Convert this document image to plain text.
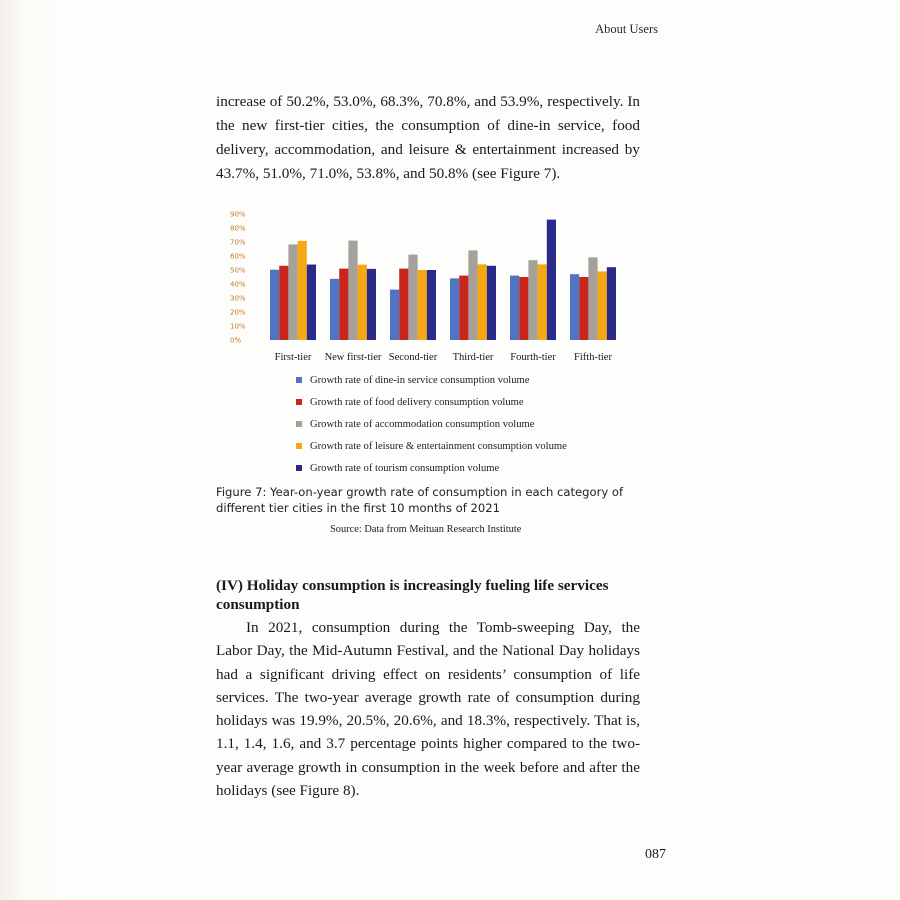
About Users

increase of 50.2%, 53.0%, 68.3%, 70.8%, and 53.9%, respectively. In the new first-tier cities, the consumption of dine-in service, food delivery, accommodation, and leisure & entertainment increased by 43.7%, 51.0%, 71.0%, 53.8%, and 50.8% (see Figure 7).

0%
10%
20%
30%
40%
50%
60%
70%
80%
90%
First-tier New first-tier Second-tier Third-tier Fourth-tier Fifth-tier
Growth rate of dine-in service consumption volume
Growth rate of food delivery consumption volume
Growth rate of accommodation consumption volume
Growth rate of leisure & entertainment consumption volume
Growth rate of tourism consumption volume
Figure 7: Year-on-year growth rate of consumption in each category of
different tier cities in the first 10 months of 2021
Source: Data from Meituan Research Institute
(IV) Holiday consumption is increasingly fueling life services consumption

In 2021, consumption during the Tomb-sweeping Day, the Labor Day, the Mid-Autumn Festival, and the National Day holidays had a significant driving effect on residents’ consumption of life services. The two-year average growth rate of consumption during holidays was 19.9%, 20.5%, 20.6%, and 18.3%, respectively. That is, 1.1, 1.4, 1.6, and 3.7 percentage points higher compared to the two-year average growth in consumption in the week before and after the holidays (see Figure 8).

087
